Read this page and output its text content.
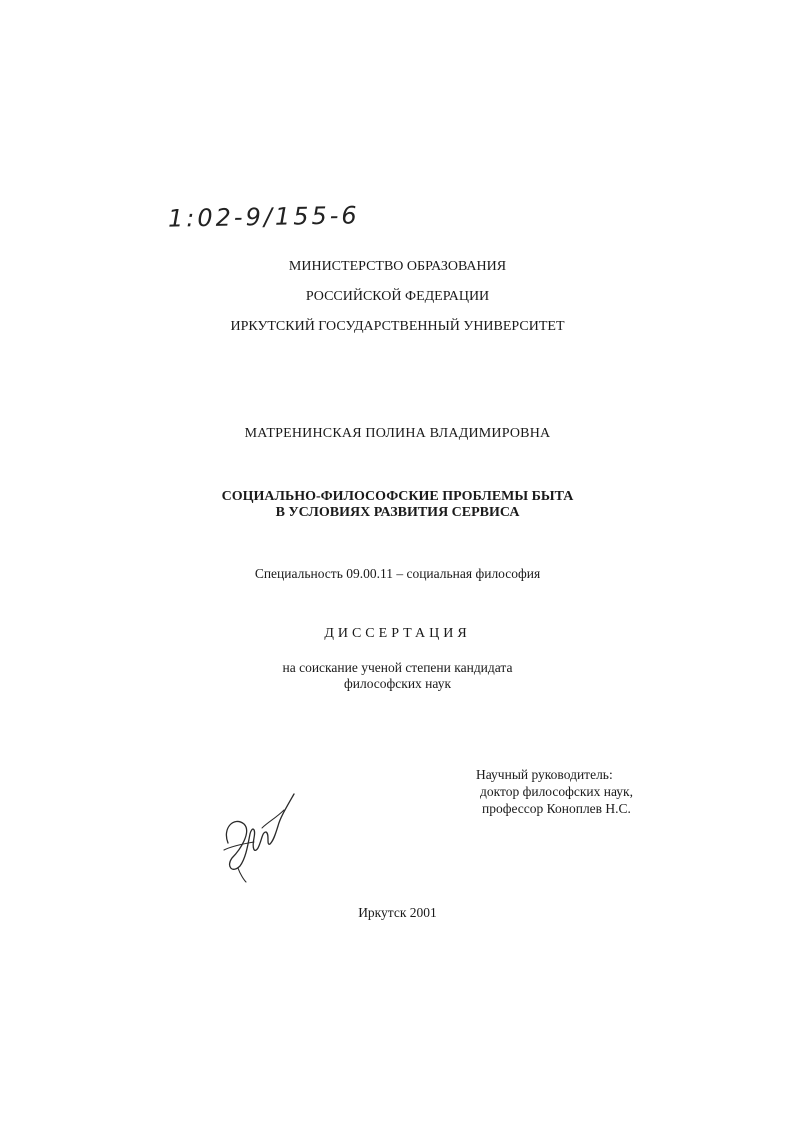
1:02-9/155-6
МИНИСТЕРСТВО ОБРАЗОВАНИЯ
РОССИЙСКОЙ ФЕДЕРАЦИИ
ИРКУТСКИЙ ГОСУДАРСТВЕННЫЙ УНИВЕРСИТЕТ
МАТРЕНИНСКАЯ ПОЛИНА ВЛАДИМИРОВНА
СОЦИАЛЬНО-ФИЛОСОФСКИЕ ПРОБЛЕМЫ БЫТА
В УСЛОВИЯХ РАЗВИТИЯ СЕРВИСА
Специальность 09.00.11 – социальная философия
ДИССЕРТАЦИЯ
на соискание ученой степени кандидата
философских наук
Научный руководитель:
доктор философских наук,
профессор Коноплев Н.С.
Иркутск 2001
